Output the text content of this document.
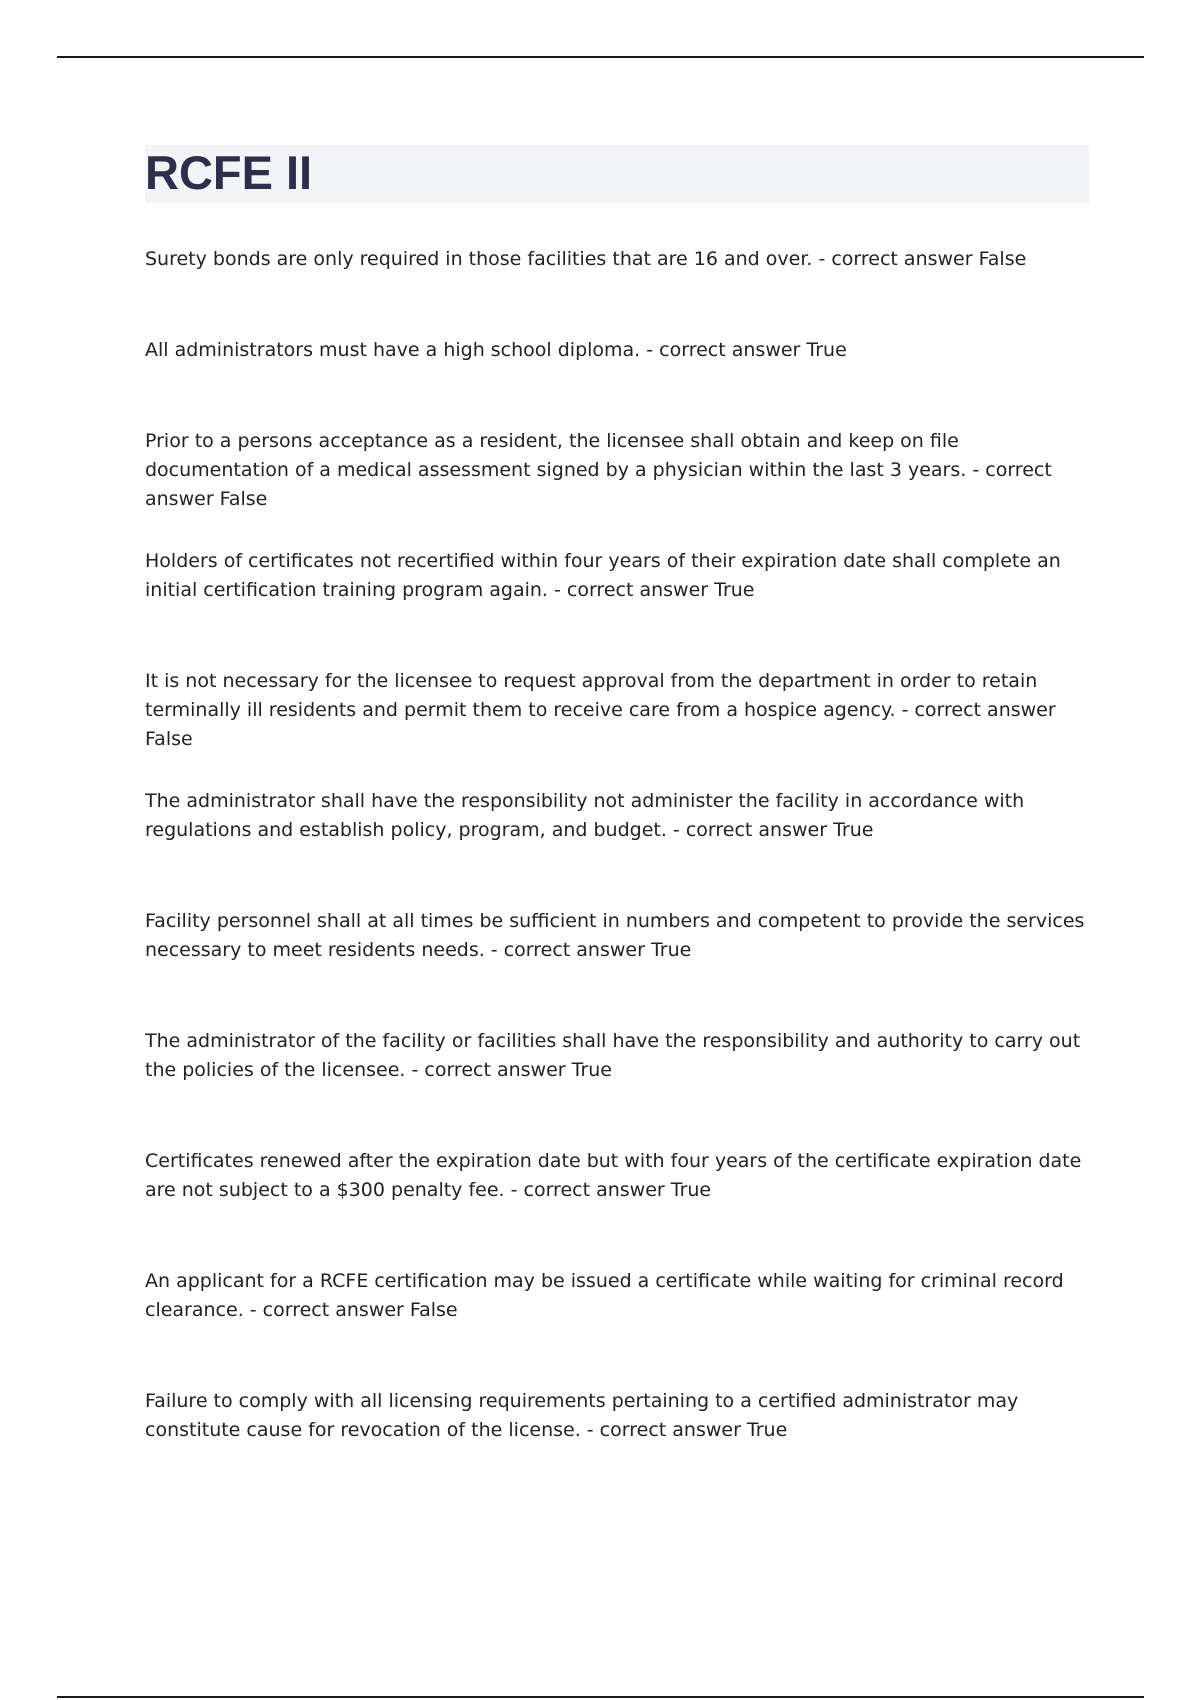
RCFE II

Surety bonds are only required in those facilities that are 16 and over. - correct answer False

All administrators must have a high school diploma. - correct answer True

Prior to a persons acceptance as a resident, the licensee shall obtain and keep on file documentation of a medical assessment signed by a physician within the last 3 years. - correct answer False

Holders of certificates not recertified within four years of their expiration date shall complete an initial certification training program again. - correct answer True

It is not necessary for the licensee to request approval from the department in order to retain terminally ill residents and permit them to receive care from a hospice agency. - correct answer False

The administrator shall have the responsibility not administer the facility in accordance with regulations and establish policy, program, and budget. - correct answer True

Facility personnel shall at all times be sufficient in numbers and competent to provide the services necessary to meet residents needs. - correct answer True

The administrator of the facility or facilities shall have the responsibility and authority to carry out the policies of the licensee. - correct answer True

Certificates renewed after the expiration date but with four years of the certificate expiration date are not subject to a $300 penalty fee. - correct answer True

An applicant for a RCFE certification may be issued a certificate while waiting for criminal record clearance. - correct answer False

Failure to comply with all licensing requirements pertaining to a certified administrator may constitute cause for revocation of the license. - correct answer True
